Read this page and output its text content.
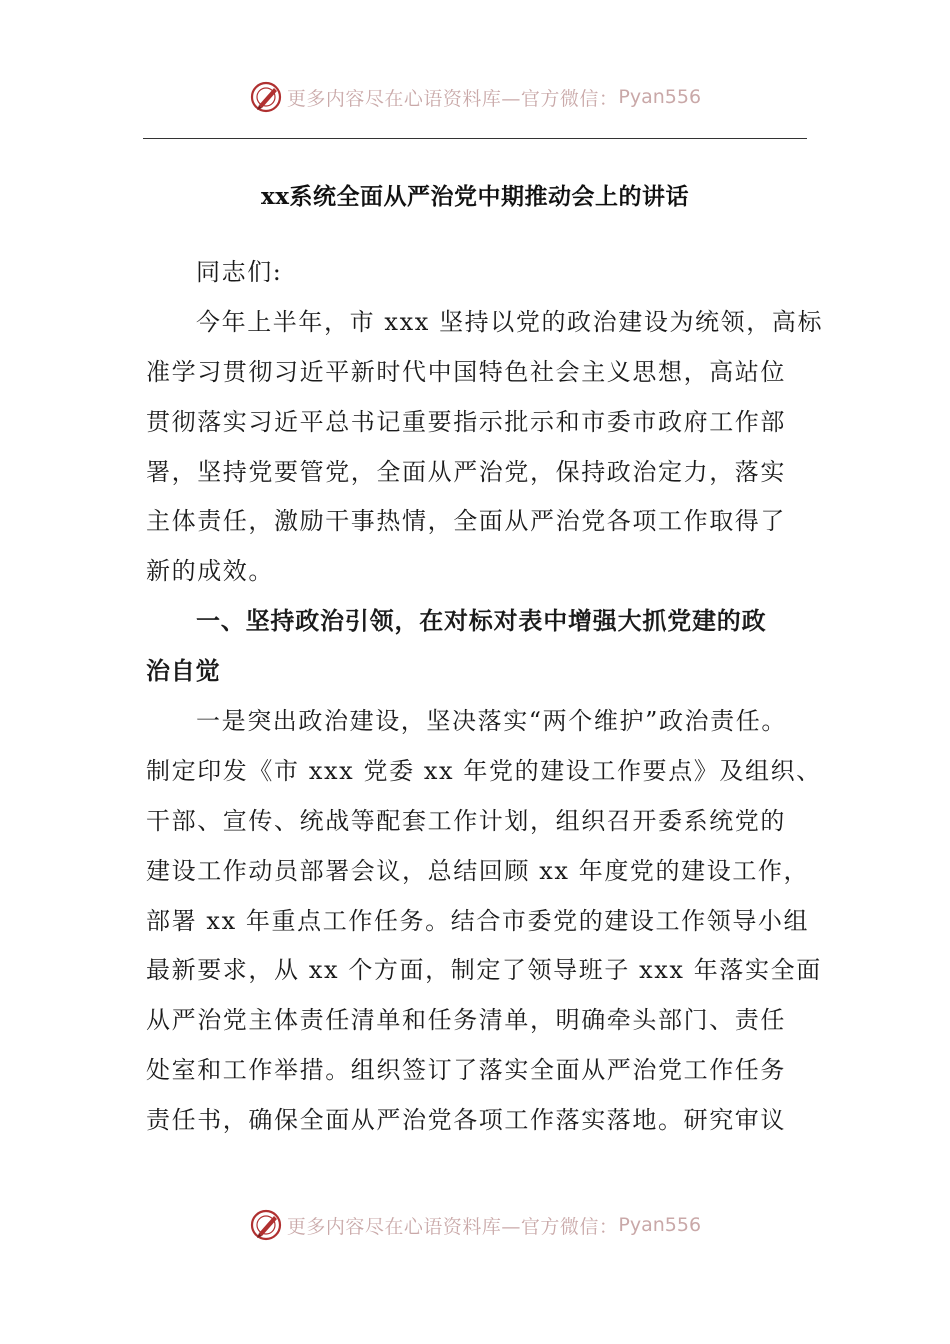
更多内容尽在心语资料库—官方微信： Pyan556
xx系统全面从严治党中期推动会上的讲话
同志们:
今年上半年，市 xxx 坚持以党的政治建设为统领，高标
准学习贯彻习近平新时代中国特色社会主义思想，高站位
贯彻落实习近平总书记重要指示批示和市委市政府工作部
署，坚持党要管党，全面从严治党，保持政治定力，落实
主体责任，激励干事热情，全面从严治党各项工作取得了
新的成效。
一、坚持政治引领，在对标对表中增强大抓党建的政
治自觉
一是突出政治建设，坚决落实“两个维护”政治责任。
制定印发《市 xxx 党委 xx 年党的建设工作要点》及组织、
干部、宣传、统战等配套工作计划，组织召开委系统党的
建设工作动员部署会议，总结回顾 xx 年度党的建设工作，
部署 xx 年重点工作任务。结合市委党的建设工作领导小组
最新要求，从 xx 个方面，制定了领导班子 xxx 年落实全面
从严治党主体责任清单和任务清单，明确牵头部门、责任
处室和工作举措。组织签订了落实全面从严治党工作任务
责任书，确保全面从严治党各项工作落实落地。研究审议
更多内容尽在心语资料库—官方微信： Pyan556
